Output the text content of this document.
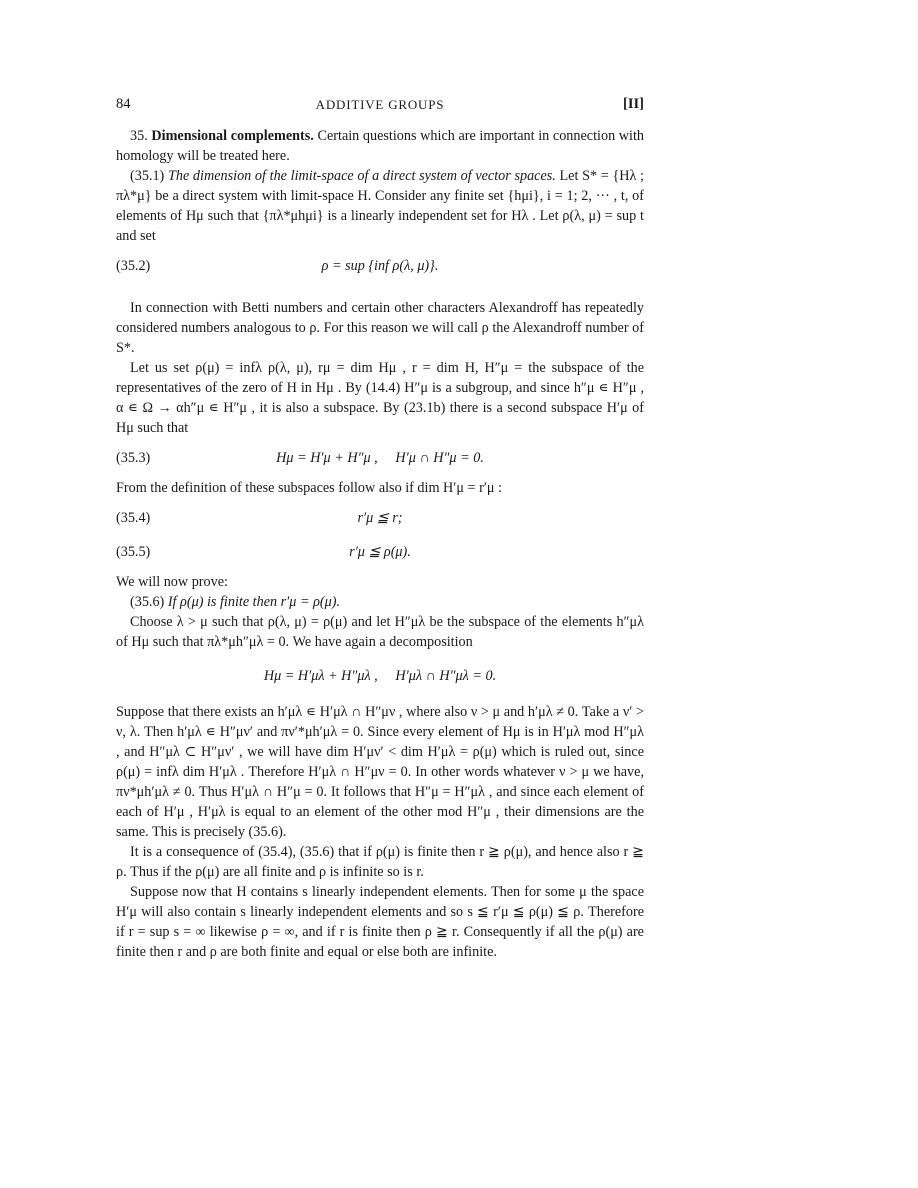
84	ADDITIVE GROUPS	[II]

35. Dimensional complements. Certain questions which are important in connection with homology will be treated here.

(35.1) The dimension of the limit-space of a direct system of vector spaces. Let S* = {Hλ ; πλ*μ} be a direct system with limit-space H. Consider any finite set {hμi}, i = 1; 2, ··· , t, of elements of Hμ such that {πλ*μhμi} is a linearly independent set for Hλ . Let ρ(λ, μ) = sup t and set

(35.2)	ρ = sup {inf ρ(λ, μ)}.

In connection with Betti numbers and certain other characters Alexandroff has repeatedly considered numbers analogous to ρ. For this reason we will call ρ the Alexandroff number of S*.

Let us set ρ(μ) = infλ ρ(λ, μ), rμ = dim Hμ , r = dim H, H″μ = the subspace of the representatives of the zero of H in Hμ . By (14.4) H″μ is a subgroup, and since h″μ ∊ H″μ , α ∊ Ω → αh″μ ∊ H″μ , it is also a subspace. By (23.1b) there is a second subspace H′μ of Hμ such that

(35.3)	Hμ = H′μ + H″μ ,     H′μ ∩ H″μ = 0.

From the definition of these subspaces follow also if dim H′μ = r′μ :

(35.4)	r′μ ≦ r;
(35.5)	r′μ ≦ ρ(μ).

We will now prove:

(35.6) If ρ(μ) is finite then r′μ = ρ(μ).

Choose λ > μ such that ρ(λ, μ) = ρ(μ) and let H″μλ be the subspace of the elements h″μλ of Hμ such that πλ*μh″μλ = 0. We have again a decomposition

Hμ = H′μλ + H″μλ ,     H′μλ ∩ H″μλ = 0.

Suppose that there exists an h′μλ ∊ H′μλ ∩ H″μν , where also ν > μ and h′μλ ≠ 0. Take a ν′ > ν, λ. Then h′μλ ∊ H″μν′ and πν′*μh′μλ = 0. Since every element of Hμ is in H′μλ mod H″μλ , and H″μλ ⊂ H″μν′ , we will have dim H′μν′ < dim H′μλ = ρ(μ) which is ruled out, since ρ(μ) = infλ dim H′μλ . Therefore H′μλ ∩ H″μν = 0. In other words whatever ν > μ we have, πν*μh′μλ ≠ 0. Thus H′μλ ∩ H″μ = 0. It follows that H″μ = H″μλ , and since each element of each of H′μ , H′μλ is equal to an element of the other mod H″μ , their dimensions are the same. This is precisely (35.6).

It is a consequence of (35.4), (35.6) that if ρ(μ) is finite then r ≧ ρ(μ), and hence also r ≧ ρ. Thus if the ρ(μ) are all finite and ρ is infinite so is r.

Suppose now that H contains s linearly independent elements. Then for some μ the space H′μ will also contain s linearly independent elements and so s ≦ r′μ ≦ ρ(μ) ≦ ρ. Therefore if r = sup s = ∞ likewise ρ = ∞, and if r is finite then ρ ≧ r. Consequently if all the ρ(μ) are finite then r and ρ are both finite and equal or else both are infinite.
